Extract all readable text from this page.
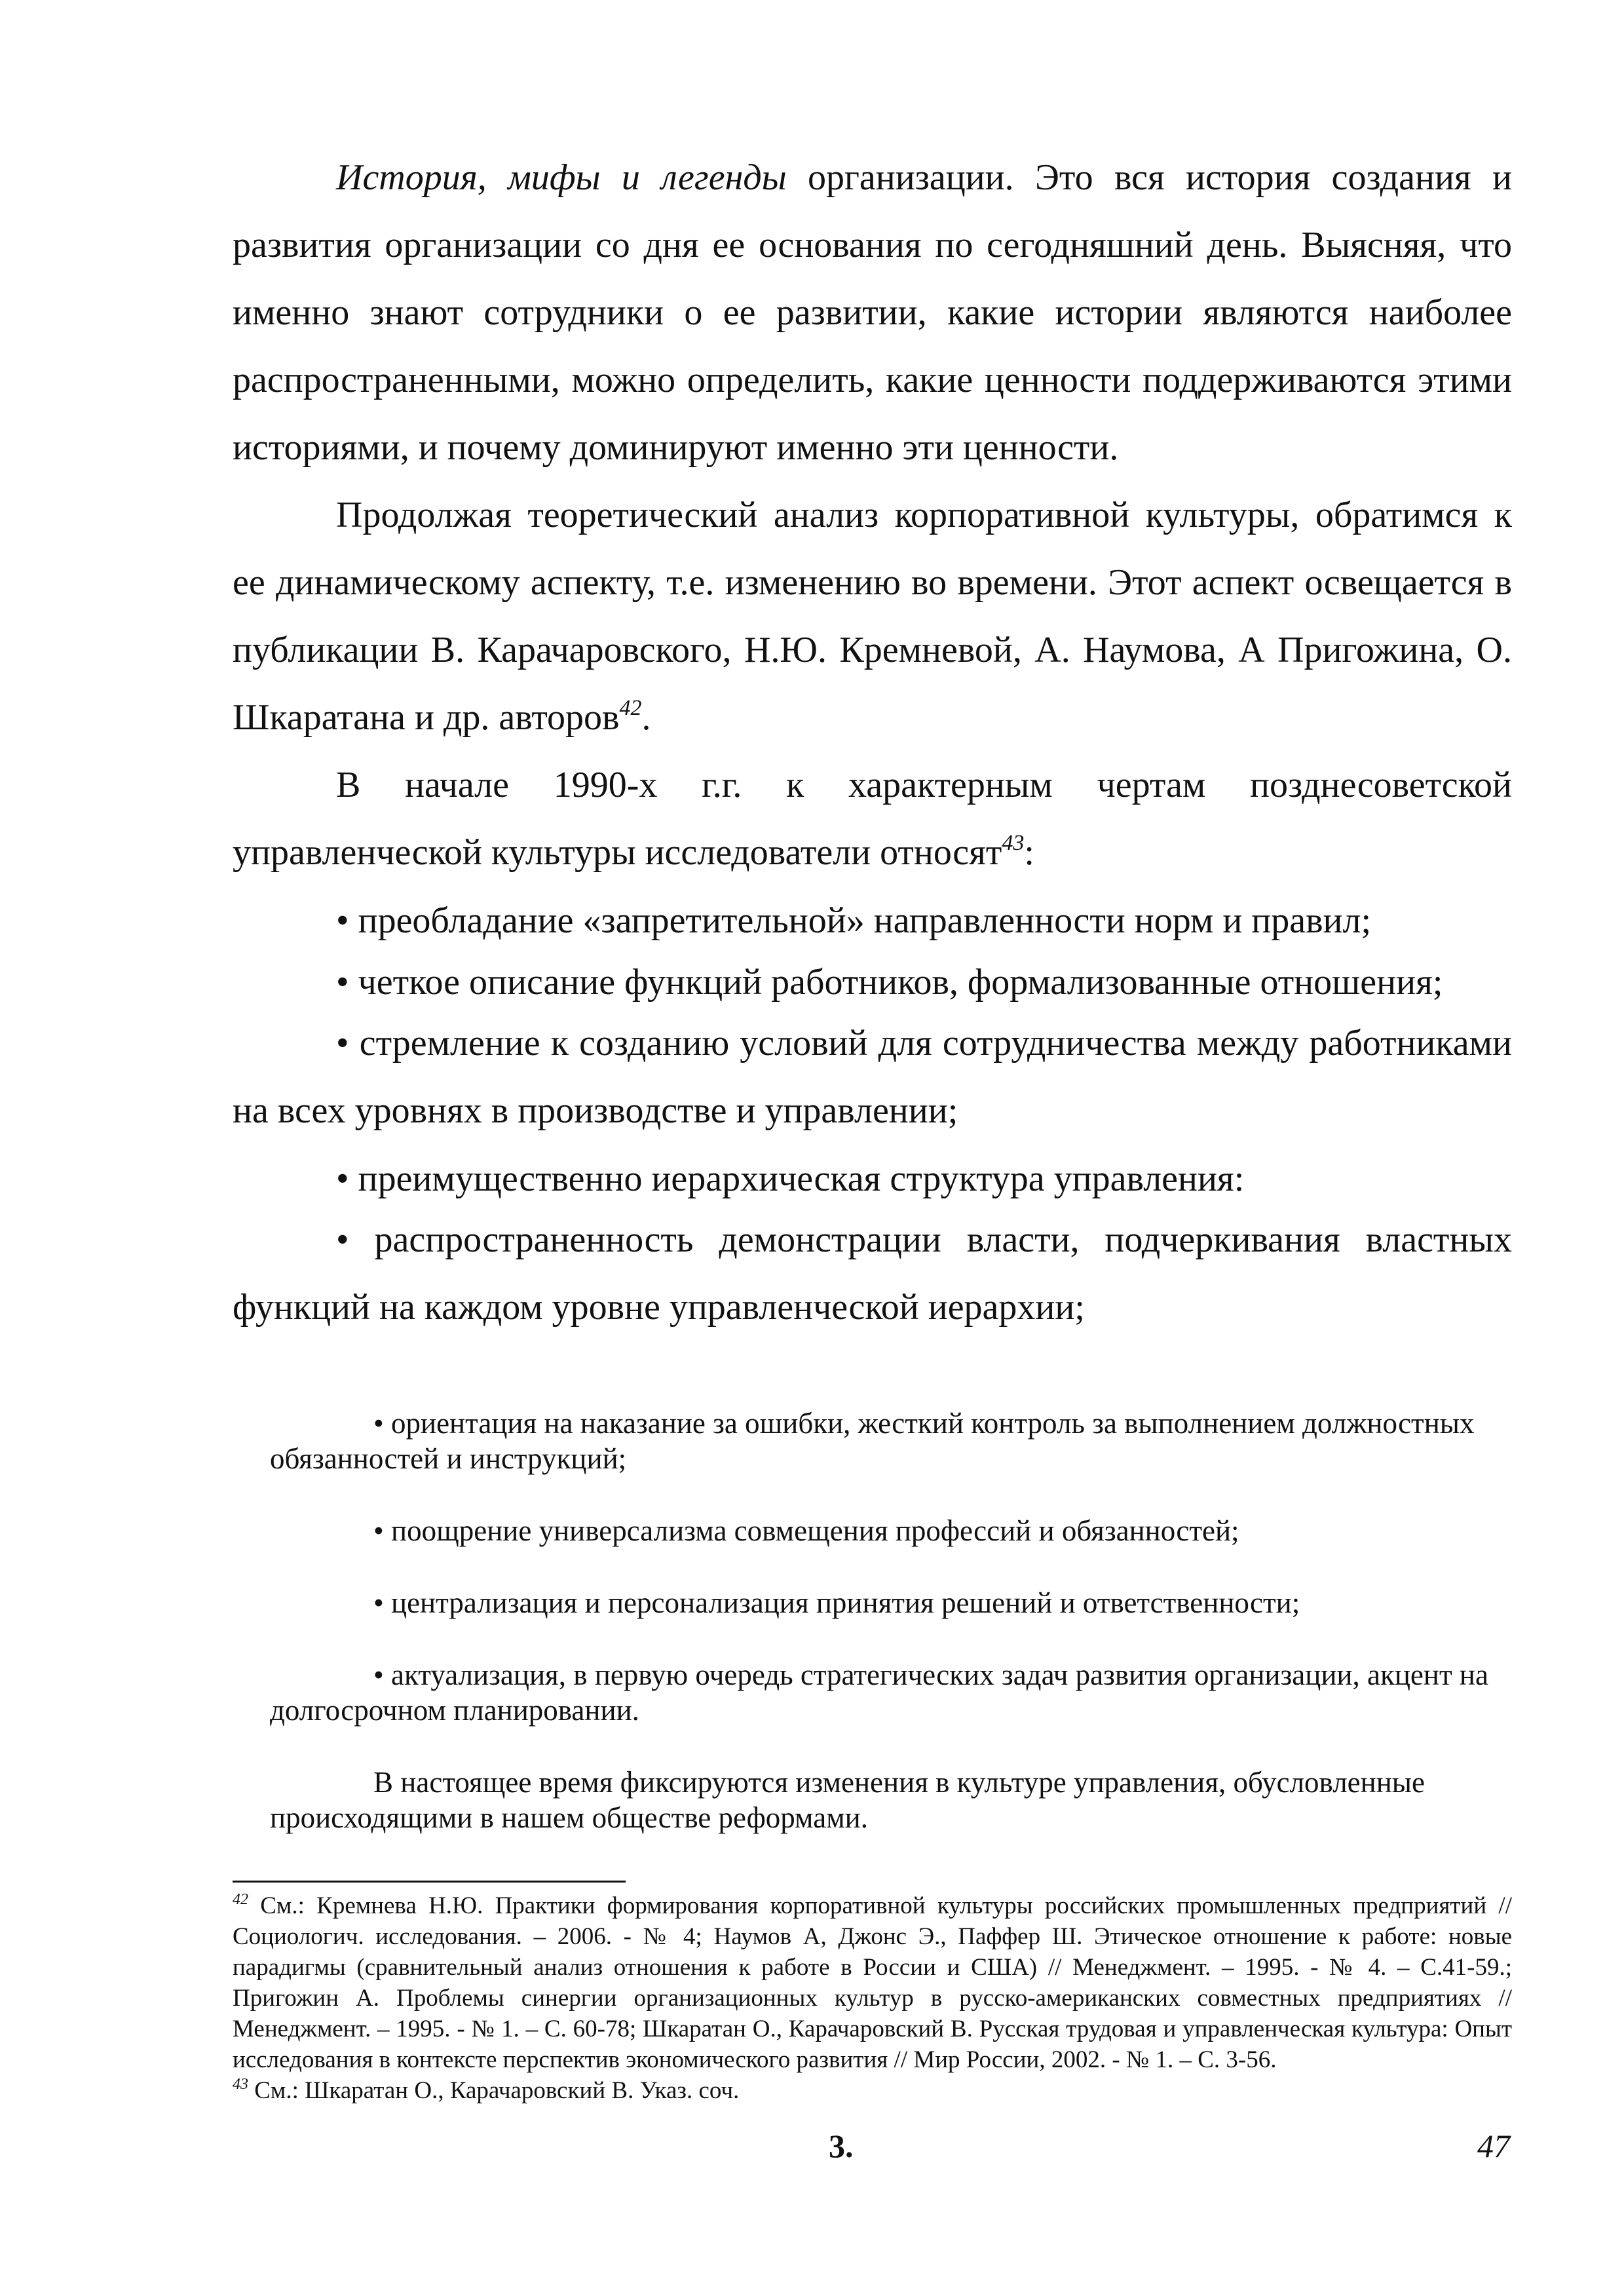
История, мифы и легенды организации. Это вся история создания и развития организации со дня ее основания по сегодняшний день. Выясняя, что именно знают сотрудники о ее развитии, какие истории являются наиболее распространенными, можно определить, какие ценности поддерживаются этими историями, и почему доминируют именно эти ценности.

Продолжая теоретический анализ корпоративной культуры, обратимся к ее динамическому аспекту, т.е. изменению во времени. Этот аспект освещается в публикации В. Карачаровского, Н.Ю. Кремневой, А. Наумова, А Пригожина, О. Шкаратана и др. авторов$^{42}$.

В начале 1990-х г.г. к характерным чертам позднесоветской управленческой культуры исследователи относят$^{43}$:

• преобладание «запретительной» направленности норм и правил;

• четкое описание функций работников, формализованные отношения;

• стремление к созданию условий для сотрудничества между работниками на всех уровнях в производстве и управлении;

• преимущественно иерархическая структура управления:

• распространенность демонстрации власти, подчеркивания властных функций на каждом уровне управленческой иерархии;

• ориентация на наказание за ошибки, жесткий контроль за выполнением должностных обязанностей и инструкций;

• поощрение универсализма совмещения профессий и обязанностей;

• централизация и персонализация принятия решений и ответственности;

• актуализация, в первую очередь стратегических задач развития организации, акцент на долгосрочном планировании.

В настоящее время фиксируются изменения в культуре управления, обусловленные происходящими в нашем обществе реформами.

$^{42}$ См.: Кремнева Н.Ю. Практики формирования корпоративной культуры российских промышленных предприятий // Социологич. исследования. – 2006. - № 4; Наумов А, Джонс Э., Паффер Ш. Этическое отношение к работе: новые парадигмы (сравнительный анализ отношения к работе в России и США) // Менеджмент. – 1995. - № 4. – С.41-59.; Пригожин А. Проблемы синергии организационных культур в русско-американских совместных предприятиях // Менеджмент. – 1995. - № 1. – С. 60-78; Шкаратан О., Карачаровский В. Русская трудовая и управленческая культура: Опыт исследования в контексте перспектив экономического развития // Мир России, 2002. - № 1. – С. 3-56.

$^{43}$ См.: Шкаратан О., Карачаровский В. Указ. соч.

3.	47
